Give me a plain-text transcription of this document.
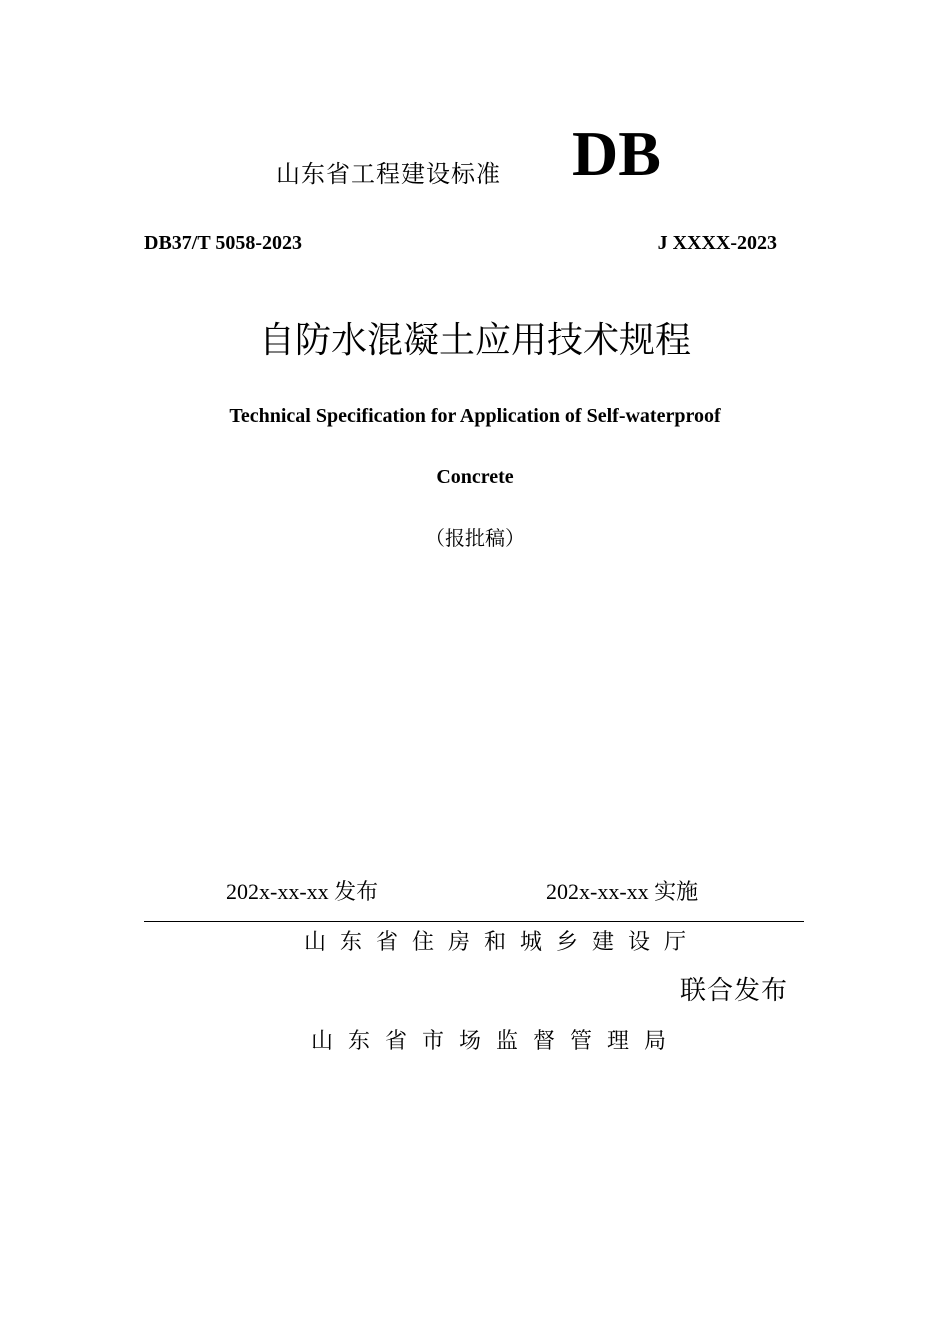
山东省工程建设标准 DB
DB37/T 5058-2023	J XXXX-2023
自防水混凝土应用技术规程
Technical Specification for Application of Self-waterproof
Concrete
（报批稿）
202x-xx-xx 发布	202x-xx-xx 实施
山东省住房和城乡建设厅
联合发布
山东省市场监督管理局
